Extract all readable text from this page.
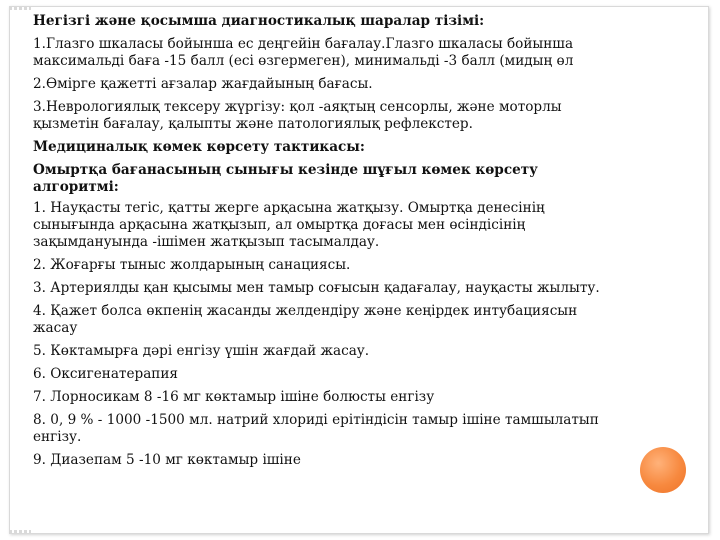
Негізгі және қосымша диагностикалық шаралар тізімі:
1.Глазго шкаласы бойынша ес деңгейін бағалау.Глазго шкаласы бойынша
максимальді баға -15 балл (есі өзгермеген), минимальді -3 балл (мидың өл
2.Өмірге қажетті ағзалар жағдайының бағасы.
3.Неврологиялық тексеру жүргізу: қол -аяқтың сенсорлы, және моторлы
қызметін бағалау, қалыпты және патологиялық рефлекстер.
Медициналық көмек көрсету тактикасы:
Омыртқа бағанасының сынығы кезінде шұғыл көмек көрсету
алгоритмі:
1. Науқасты тегіс, қатты жерге арқасына жатқызу. Омыртқа денесінің
сынығында арқасына жатқызып, ал омыртқа доғасы мен өсіндісінің
зақымдануында -ішімен жатқызып тасымалдау.
2. Жоғарғы тыныс жолдарының санациясы.
3. Артериялды қан қысымы мен тамыр соғысын қадағалау, науқасты жылыту.
4. Қажет болса өкпенің жасанды желдендіру және кеңірдек интубациясын
жасау
5. Көктамырға дәрі енгізу үшін жағдай жасау.
6. Оксигенатерапия
7. Лорносикам 8 -16 мг көктамыр ішіне болюсты енгізу
8. 0, 9 % - 1000 -1500 мл. натрий хлориді ерітіндісін тамыр ішіне тамшылатып
енгізу.
9. Диазепам 5 -10 мг көктамыр ішіне
